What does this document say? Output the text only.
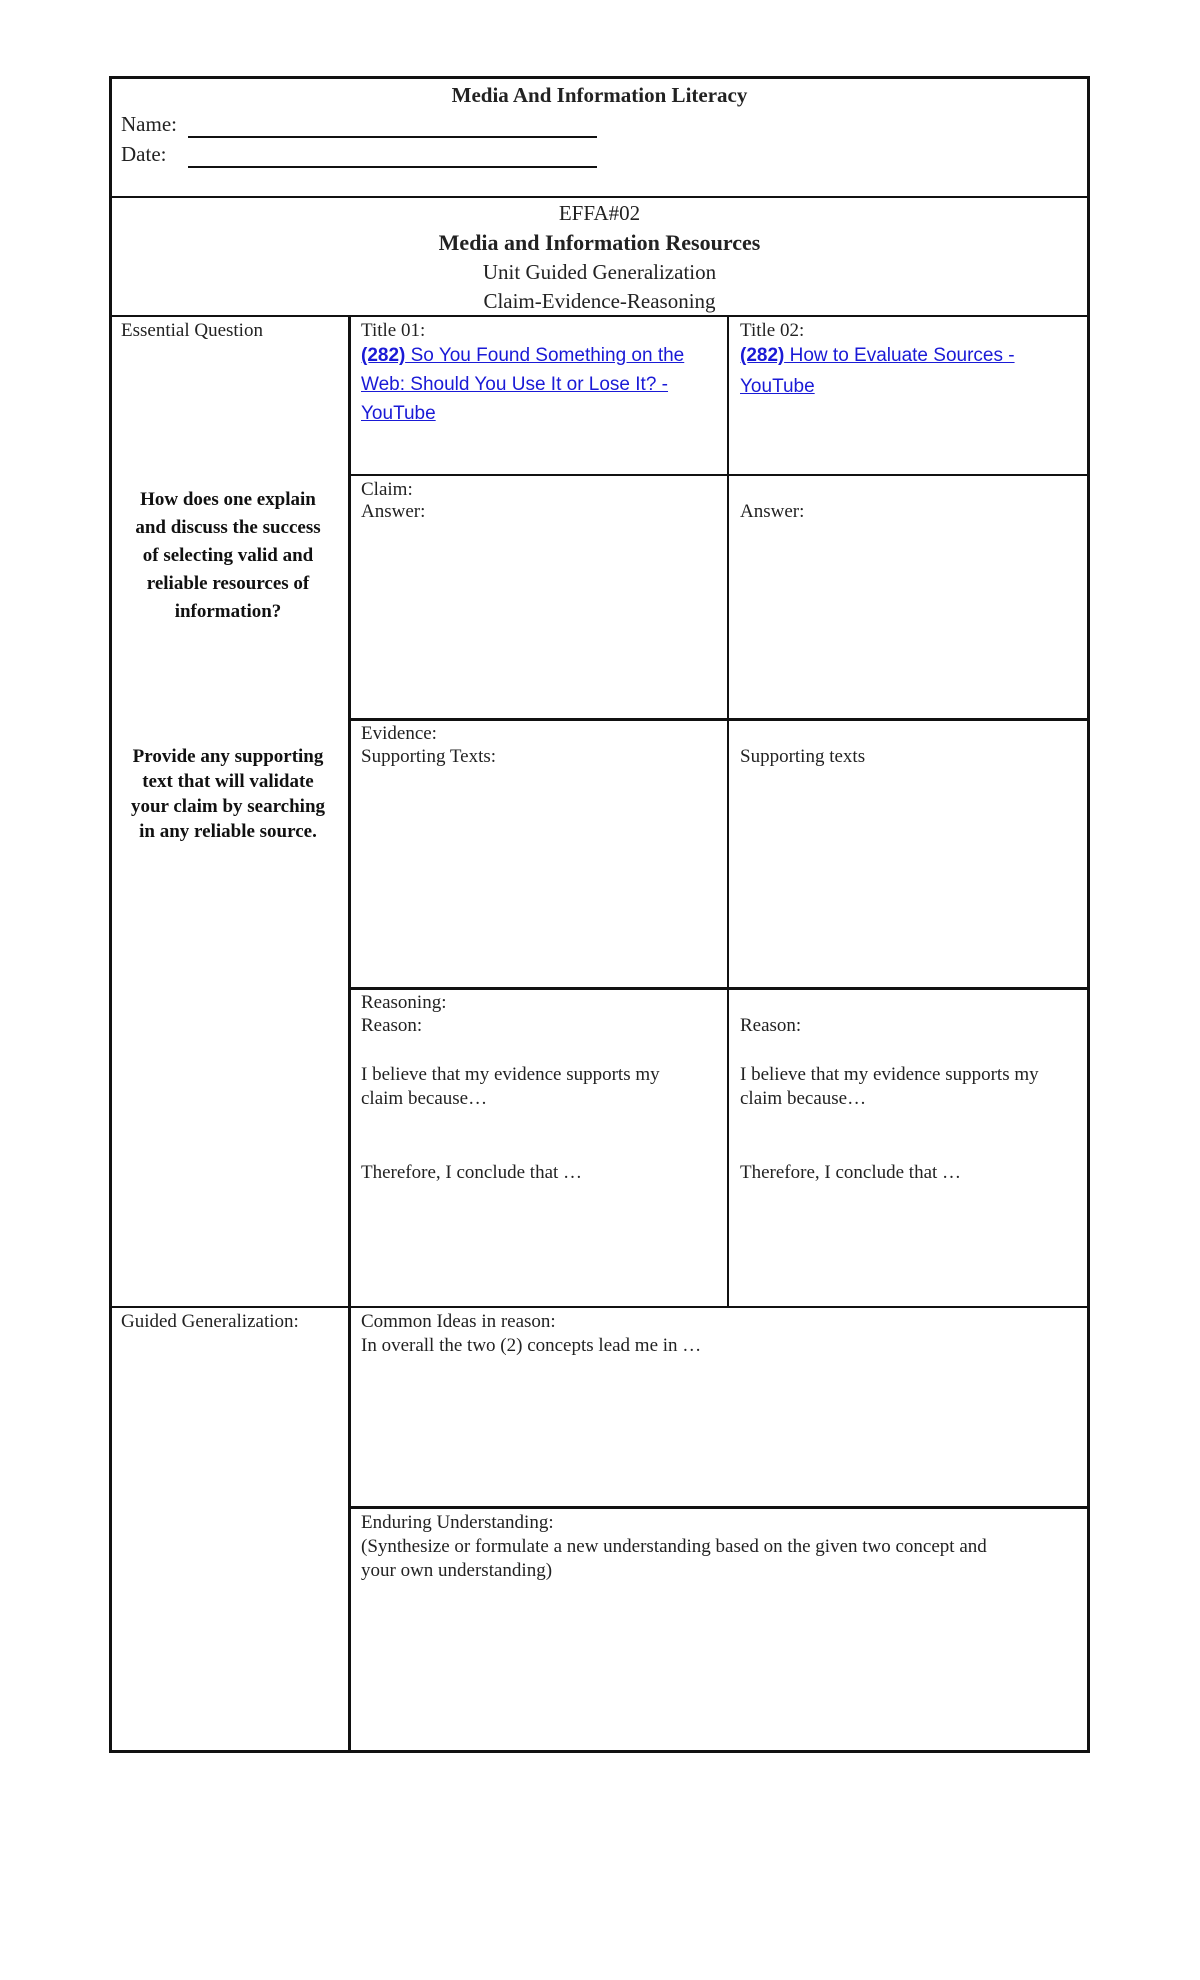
Media And Information Literacy
Name:
Date:
EFFA#02
Media and Information Resources
Unit Guided Generalization
Claim-Evidence-Reasoning
Essential Question
How does one explain
and discuss the success
of selecting valid and
reliable resources of
information?
Provide any supporting
text that will validate
your claim by searching
in any reliable source.
Guided Generalization:
Title 01:
(282) So You Found Something on the
Web: Should You Use It or Lose It? -
YouTube
Title 02:
(282) How to Evaluate Sources -
YouTube
Claim:
Answer:	Answer:
Evidence:
Supporting Texts:	Supporting texts
Reasoning:
Reason:
I believe that my evidence supports my
claim because…
Therefore, I conclude that …
Reason:
I believe that my evidence supports my
claim because…
Therefore, I conclude that …
Common Ideas in reason:
In overall the two (2) concepts lead me in …
Enduring Understanding:
(Synthesize or formulate a new understanding based on the given two concept and
your own understanding)
